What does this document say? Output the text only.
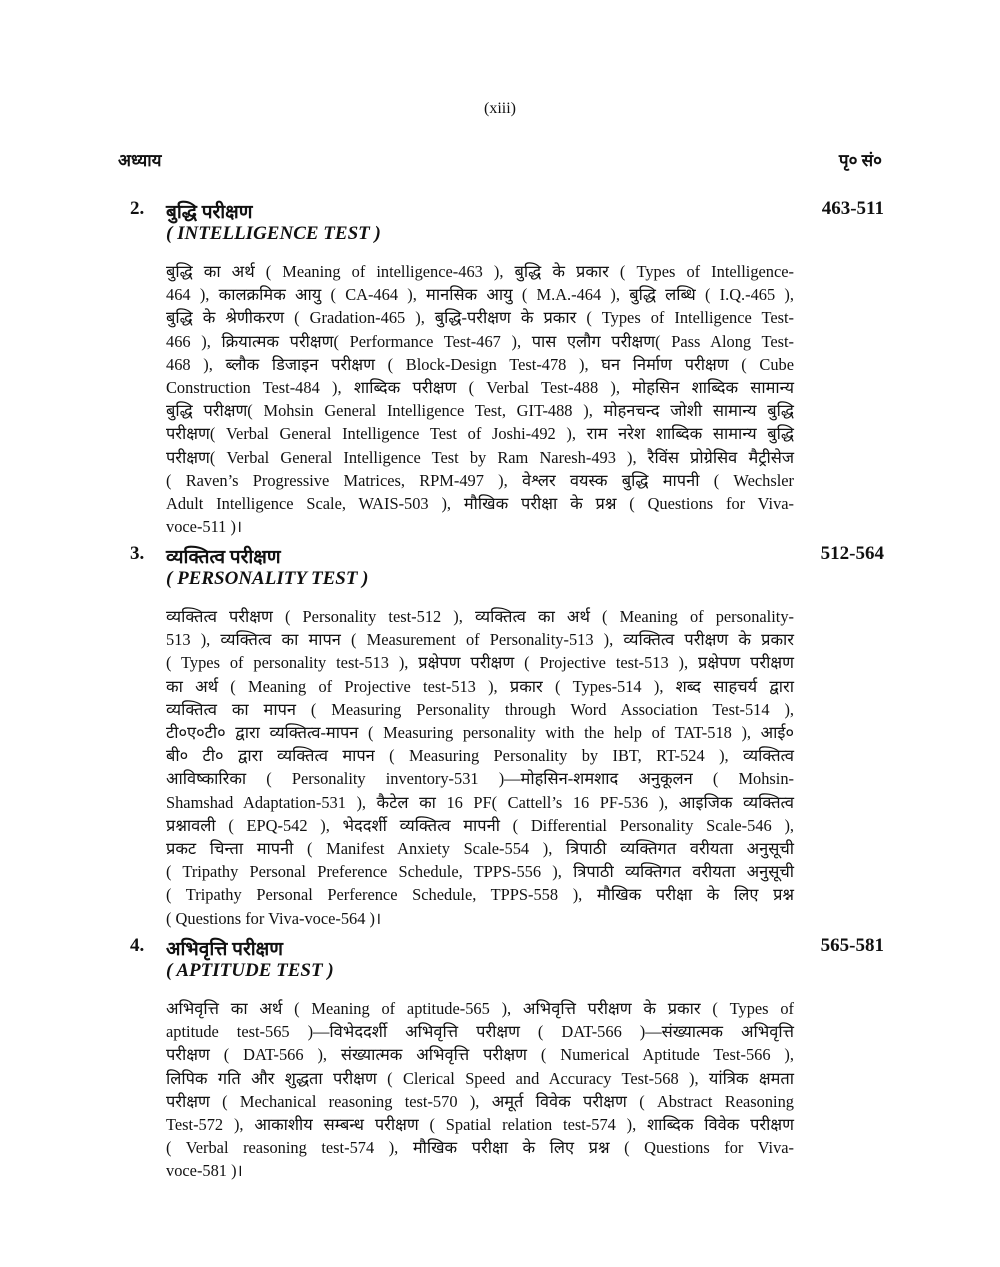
(xiii)
अध्याय	पृ० सं०
2. बुद्धि परीक्षण	463-511
( INTELLIGENCE TEST )
बुद्धि का अर्थ ( Meaning of intelligence-463 ), बुद्धि के प्रकार ( Types of Intelligence-
464 ), कालक्रमिक आयु ( CA-464 ), मानसिक आयु ( M.A.-464 ), बुद्धि लब्धि ( I.Q.-465 ),
बुद्धि के श्रेणीकरण ( Gradation-465 ), बुद्धि-परीक्षण के प्रकार ( Types of Intelligence Test-
466 ), क्रियात्मक परीक्षण( Performance Test-467 ), पास एलौग परीक्षण( Pass Along Test-
468 ), ब्लौक डिजाइन परीक्षण ( Block-Design Test-478 ), घन निर्माण परीक्षण ( Cube
Construction Test-484 ), शाब्दिक परीक्षण ( Verbal Test-488 ), मोहसिन शाब्दिक सामान्य
बुद्धि परीक्षण( Mohsin General Intelligence Test, GIT-488 ), मोहनचन्द जोशी सामान्य बुद्धि
परीक्षण( Verbal General Intelligence Test of Joshi-492 ), राम नरेश शाब्दिक सामान्य बुद्धि
परीक्षण( Verbal General Intelligence Test by Ram Naresh-493 ), रैविंस प्रोग्रेसिव मैट्रीसेज
( Raven’s Progressive Matrices, RPM-497 ), वेश्लर वयस्क बुद्धि मापनी ( Wechsler
Adult Intelligence Scale, WAIS-503 ), मौखिक परीक्षा के प्रश्न ( Questions for Viva-
voce-511 )।
3. व्यक्तित्व परीक्षण	512-564
( PERSONALITY TEST )
व्यक्तित्व परीक्षण ( Personality test-512 ), व्यक्तित्व का अर्थ ( Meaning of personality-
513 ), व्यक्तित्व का मापन ( Measurement of Personality-513 ), व्यक्तित्व परीक्षण के प्रकार
( Types of personality test-513 ), प्रक्षेपण परीक्षण ( Projective test-513 ), प्रक्षेपण परीक्षण
का अर्थ ( Meaning of Projective test-513 ), प्रकार ( Types-514 ), शब्द साहचर्य द्वारा
व्यक्तित्व का मापन ( Measuring Personality through Word Association Test-514 ),
टी०ए०टी० द्वारा व्यक्तित्व-मापन ( Measuring personality with the help of TAT-518 ), आई०
बी० टी० द्वारा व्यक्तित्व मापन ( Measuring Personality by IBT, RT-524 ), व्यक्तित्व
आविष्कारिका ( Personality inventory-531 )—मोहसिन-शमशाद अनुकूलन ( Mohsin-
Shamshad Adaptation-531 ), कैटेल का 16 PF( Cattell’s 16 PF-536 ), आइजिक व्यक्तित्व
प्रश्नावली ( EPQ-542 ), भेददर्शी व्यक्तित्व मापनी ( Differential Personality Scale-546 ),
प्रकट चिन्ता मापनी ( Manifest Anxiety Scale-554 ), त्रिपाठी व्यक्तिगत वरीयता अनुसूची
( Tripathy Personal Preference Schedule, TPPS-556 ), त्रिपाठी व्यक्तिगत वरीयता अनुसूची
( Tripathy Personal Perference Schedule, TPPS-558 ), मौखिक परीक्षा के लिए प्रश्न
( Questions for Viva-voce-564 )।
4. अभिवृत्ति परीक्षण	565-581
( APTITUDE TEST )
अभिवृत्ति का अर्थ ( Meaning of aptitude-565 ), अभिवृत्ति परीक्षण के प्रकार ( Types of
aptitude test-565 )—विभेददर्शी अभिवृत्ति परीक्षण ( DAT-566 )—संख्यात्मक अभिवृत्ति
परीक्षण ( DAT-566 ), संख्यात्मक अभिवृत्ति परीक्षण ( Numerical Aptitude Test-566 ),
लिपिक गति और शुद्धता परीक्षण ( Clerical Speed and Accuracy Test-568 ), यांत्रिक क्षमता
परीक्षण ( Mechanical reasoning test-570 ), अमूर्त विवेक परीक्षण ( Abstract Reasoning
Test-572 ), आकाशीय सम्बन्ध परीक्षण ( Spatial relation test-574 ), शाब्दिक विवेक परीक्षण
( Verbal reasoning test-574 ), मौखिक परीक्षा के लिए प्रश्न ( Questions for Viva-
voce-581 )।
